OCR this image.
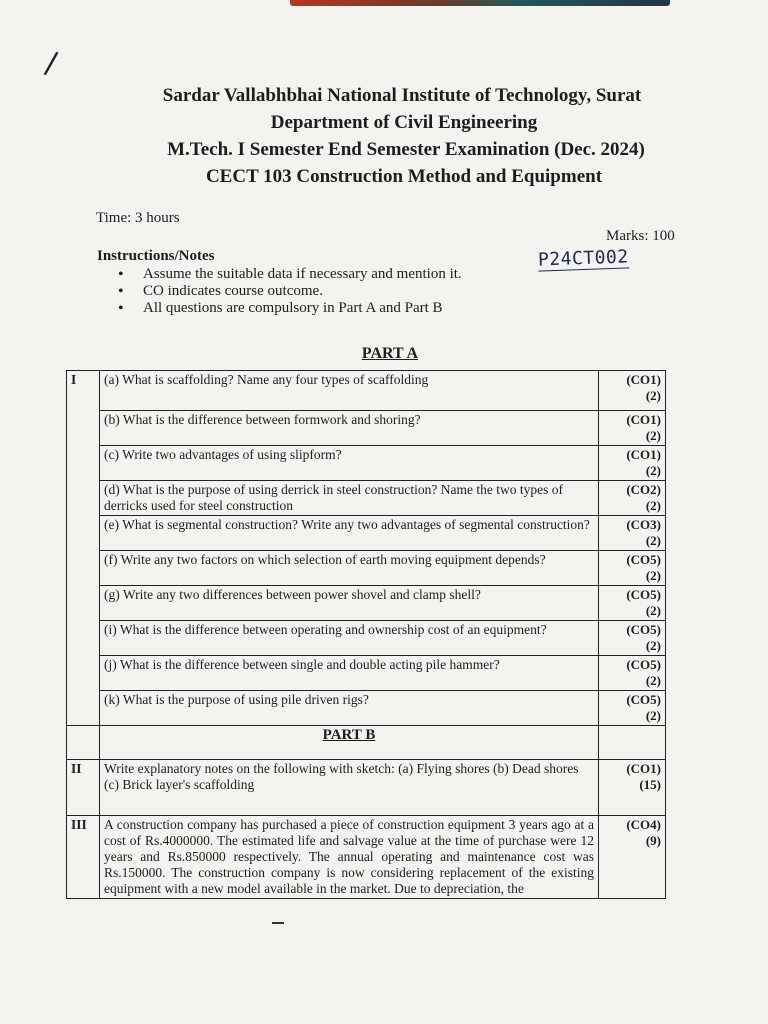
/
Sardar Vallabhbhai National Institute of Technology, Surat
Department of Civil Engineering
M.Tech. I Semester End Semester Examination (Dec. 2024)
CECT 103 Construction Method and Equipment
Time: 3 hours
Marks: 100
P24CT002
Instructions/Notes
• Assume the suitable data if necessary and mention it.
• CO indicates course outcome.
• All questions are compulsory in Part A and Part B
PART A
I	(a) What is scaffolding? Name any four types of scaffolding	(CO1)
(2)

	(b) What is the difference between formwork and shoring?	(CO1)
(2)

	(c) Write two advantages of using slipform?	(CO1)
(2)

	(d) What is the purpose of using derrick in steel construction? Name the two types of derricks used for steel construction	(CO2)
(2)

	(e) What is segmental construction? Write any two advantages of segmental construction?	(CO3)
(2)

	(f) Write any two factors on which selection of earth moving equipment depends?	(CO5)
(2)

	(g) Write any two differences between power shovel and clamp shell?	(CO5)
(2)

	(i) What is the difference between operating and ownership cost of an equipment?	(CO5)
(2)

	(j) What is the difference between single and double acting pile hammer?	(CO5)
(2)

	(k) What is the purpose of using pile driven rigs?	(CO5)
(2)

	PART B	
II	Write explanatory notes on the following with sketch: (a) Flying shores (b) Dead shores (c) Brick layer's scaffolding	(CO1)
(15)

III	A construction company has purchased a piece of construction equipment 3 years ago at a cost of Rs.4000000. The estimated life and salvage value at the time of purchase were 12 years and Rs.850000 respectively. The annual operating and maintenance cost was Rs.150000. The construction company is now considering replacement of the existing equipment with a new model available in the market. Due to depreciation, the	(CO4)
(9)
